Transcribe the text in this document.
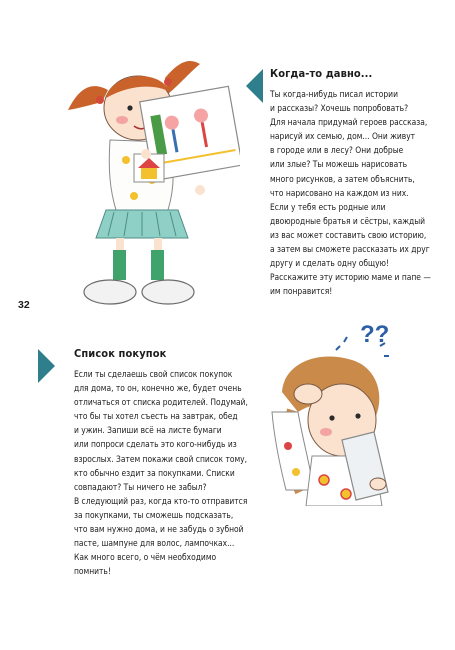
32
Когда-то давно...

Ты когда-нибудь писал истории
и рассказы? Хочешь попробовать?
Для начала придумай героев рассказа,
нарисуй их семью, дом... Они живут
в городе или в лесу? Они добрые
или злые? Ты можешь нарисовать
много рисунков, а затем объяснить,
что нарисовано на каждом из них.
Если у тебя есть родные или
двоюродные братья и сёстры, каждый
из вас может составить свою историю,
а затем вы сможете рассказать их друг
другу и сделать одну общую!
Расскажите эту историю маме и папе —
им понравится!

Список покупок

Если ты сделаешь свой список покупок
для дома, то он, конечно же, будет очень
отличаться от списка родителей. Подумай,
что бы ты хотел съесть на завтрак, обед
и ужин. Запиши всё на листе бумаги
или попроси сделать это кого-нибудь из
взрослых. Затем покажи свой список тому,
кто обычно ездит за покупками. Списки
совпадают? Ты ничего не забыл?
В следующий раз, когда кто-то отправится
за покупками, ты сможешь подсказать,
что вам нужно дома, и не забудь о зубной
пасте, шампуне для волос, лампочках...
Как много всего, о чём необходимо
помнить!

??
